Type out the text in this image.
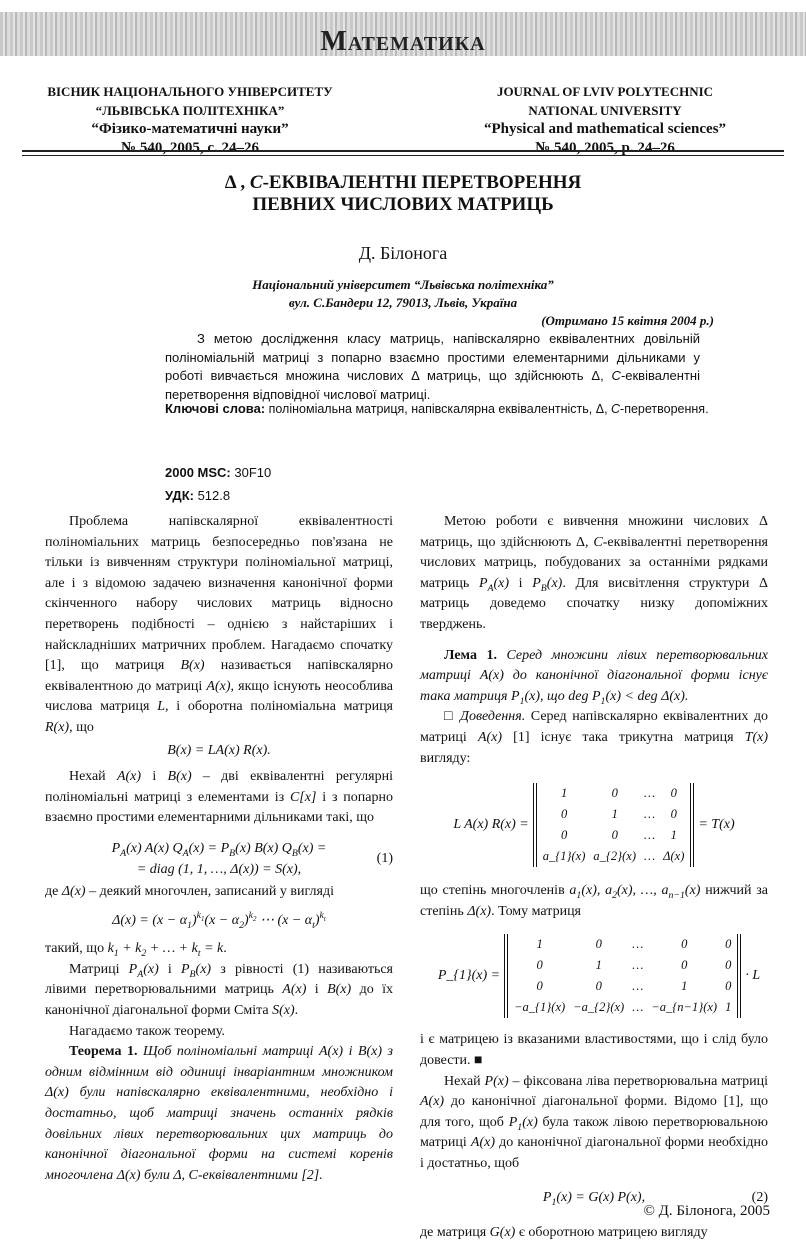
Математика
ВІСНИК НАЦІОНАЛЬНОГО УНІВЕРСИТЕТУ
“ЛЬВІВСЬКА ПОЛІТЕХНІКА”
“Фізико-математичні науки”
№ 540, 2005, с. 24–26
JOURNAL OF LVIV POLYTECHNIC
NATIONAL UNIVERSITY
“Physical and mathematical sciences”
№ 540, 2005, p. 24–26
Δ , C-ЕКВІВАЛЕНТНІ ПЕРЕТВОРЕННЯ
ПЕВНИХ ЧИСЛОВИХ МАТРИЦЬ
Д. Білонога
Національний університет “Львівська політехніка”
вул. С.Бандери 12, 79013, Львів, Україна
(Отримано 15 квітня 2004 р.)
З метою дослідження класу матриць, напівскалярно еквівалентних довільній поліноміальній матриці з попарно взаємно простими елементарними дільниками у роботі вивчається множина числових Δ матриць, що здійснюють Δ, C-еквівалентні перетворення відповідної числової матриці.
Ключові слова: поліноміальна матриця, напівскалярна еквівалентність, Δ, C-перетворення.
2000 MSC: 30F10
УДК: 512.8

Проблема напівскалярної еквівалентності поліноміальних матриць безпосередньо пов'язана не тільки із вивченням структури поліноміальної матриці, але і з відомою задачею визначення канонічної форми скінченного набору числових матриць відносно перетворень подібності – однією з найстаріших і найскладніших матричних проблем. Нагадаємо спочатку [1], що матриця B(x) називається напівскалярно еквівалентною до матриці A(x), якщо існують неособлива числова матриця L, і оборотна поліноміальна матриця R(x), що

B(x) = LA(x) R(x).

Нехай A(x) і B(x) – дві еквівалентні регулярні поліноміальні матриці з елементами із C[x] і з попарно взаємно простими елементарними дільниками такі, що

$P_A(x)$ A(x) $Q_A(x) = P_B(x)$ B(x) $Q_B(x)$ =
= diag (1, 1, …, Δ(x)) = S(x),
(1)

де Δ(x) – деякий многочлен, записаний у вигляді

$\Delta(x) = (x - \alpha_1)^{k_1}(x - \alpha_2)^{k_2}$ ⋯ $(x - \alpha_t)^{k_t}$

такий, що $k_1 + k_2$ + … + $k_t = k$.

Матриці $P_A(x)$ і $P_B(x)$ з рівності (1) називаються лівими перетворювальними матриць A(x) і B(x) до їх канонічної діагональної форми Сміта S(x).

Нагадаємо також теорему.

Теорема 1. Щоб поліноміальні матриці A(x) і B(x) з одним відмінним від одиниці інваріантним множником Δ(x) були напівскалярно еквівалентними, необхідно і достатньо, щоб матриці значень останніх рядків довільних лівих перетворювальних цих матриць до канонічної діагональної форми на системі коренів многочлена Δ(x) були Δ, C-еквівалентними [2].

Метою роботи є вивчення множини числових Δ матриць, що здійснюють Δ, C-еквівалентні перетворення числових матриць, побудованих за останніми рядками матриць $P_A(x)$ і $P_B(x)$. Для висвітлення структури Δ матриць доведемо спочатку низку допоміжних тверджень.

Лема 1. Серед множини лівих перетворювальних матриці A(x) до канонічної діагональної форми існує така матриця $P_1(x)$, що deg $P_1(x)$ < deg Δ(x).

□ Доведення. Серед напівскалярно еквівалентних до матриці A(x) [1] існує така трикутна матриця T(x) вигляду:

L A(x) R(x) =
1	0	…	0
0	1	…	0
0	0	…	1
a_{1}(x)	a_{2}(x)	…	Δ(x)
= T(x)

що степінь многочленів $a_1(x)$, $a_2(x)$, …, $a_{n-1}(x)$ нижчий за степінь Δ(x). Тому матриця

P_{1}(x) =
1	0	…	0	0
0	1	…	0	0
0	0	…	1	0
−a_{1}(x)	−a_{2}(x)	…	−a_{n−1}(x)	1
· L

і є матрицею із вказаними властивостями, що і слід було довести. ■

Нехай P(x) – фіксована ліва перетворювальна матриці A(x) до канонічної діагональної форми. Відомо [1], що для того, щоб $P_1(x)$ була також лівою перетворювальною матриці A(x) до канонічної діагональної форми необхідно і достатньо, щоб

$P_1(x) = G(x)$ P(x),	(2)

де матриця G(x) є оборотною матрицею вигляду

© Д. Білонога, 2005
